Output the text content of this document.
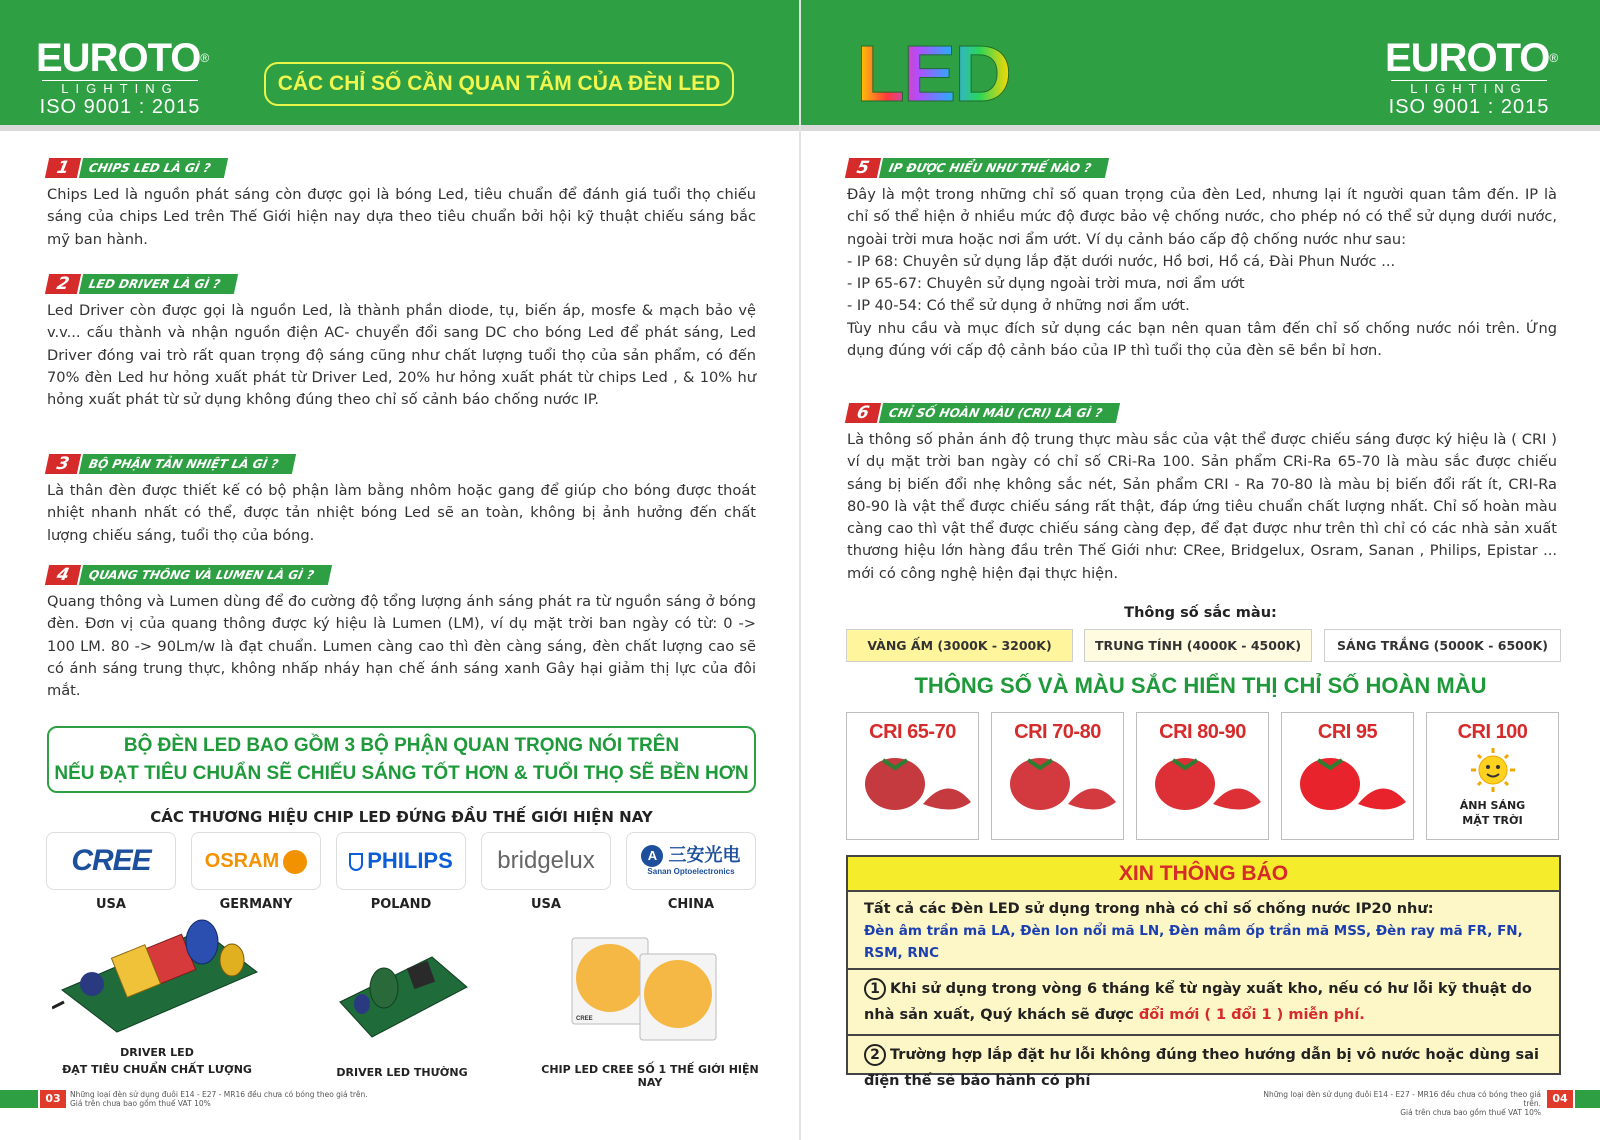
EUROTO®
LIGHTING
ISO 9001 : 2015
CÁC CHỈ SỐ CẦN QUAN TÂM CỦA ĐÈN LED
1	CHIPS LED LÀ GÌ ?

Chips Led là nguồn phát sáng còn được gọi là bóng Led, tiêu chuẩn để đánh giá tuổi thọ chiếu sáng của chips Led trên Thế Giới hiện nay dựa theo tiêu chuẩn bởi hội kỹ thuật chiếu sáng bắc mỹ ban hành.

2	LED DRIVER LÀ GÌ ?

Led Driver còn được gọi là nguồn Led, là thành phần diode, tụ, biến áp, mosfe & mạch bảo vệ v.v... cấu thành và nhận nguồn điện AC- chuyển đổi sang DC cho bóng Led để phát sáng, Led Driver đóng vai trò rất quan trọng độ sáng cũng như chất lượng tuổi thọ của sản phẩm, có đến 70% đèn Led hư hỏng xuất phát từ Driver Led, 20% hư hỏng xuất phát từ chips Led , & 10% hư hỏng xuất phát từ sử dụng không đúng theo chỉ số cảnh báo chống nước IP.

3	BỘ PHẬN TẢN NHIỆT LÀ GÌ ?

Là thân đèn được thiết kế có bộ phận làm bằng nhôm hoặc gang để giúp cho bóng được thoát nhiệt nhanh nhất có thể, được tản nhiệt bóng Led sẽ an toàn, không bị ảnh hưởng đến chất lượng chiếu sáng, tuổi thọ của bóng.

4	QUANG THÔNG VÀ LUMEN LÀ GÌ ?

Quang thông và Lumen dùng để đo cường độ tổng lượng ánh sáng phát ra từ nguồn sáng ở bóng đèn. Đơn vị của quang thông được ký hiệu là Lumen (LM), ví dụ mặt trời ban ngày có từ: 0 -> 100 LM. 80 -> 90Lm/w là đạt chuẩn. Lumen càng cao thì đèn càng sáng, đèn chất lượng cao sẽ có ánh sáng trung thực, không nhấp nháy hạn chế ánh sáng xanh Gây hại giảm thị lực của đôi mắt.

BỘ ĐÈN LED BAO GỒM 3 BỘ PHẬN QUAN TRỌNG NÓI TRÊN
NẾU ĐẠT TIÊU CHUẨN SẼ CHIẾU SÁNG TỐT HƠN & TUỔI THỌ SẼ BỀN HƠN
CÁC THƯƠNG HIỆU CHIP LED ĐỨNG ĐẦU THẾ GIỚI HIỆN NAY
CREE
USA
OSRAM
GERMANY
PHILIPS
POLAND
bridgelux
USA
A 三安光电
Sanan Optoelectronics
CHINA
DRIVER LED
ĐẠT TIÊU CHUẨN CHẤT LƯỢNG	DRIVER LED THƯỜNG
CREE
CHIP LED CREE SỐ 1 THẾ GIỚI HIỆN NAY
03	Những loại đèn sử dụng đuôi E14 - E27 - MR16 đều chưa có bóng theo giá trên.
Giá trên chưa bao gồm thuế VAT 10%
LED	EUROTO®
LIGHTING
ISO 9001 : 2015
5	IP ĐƯỢC HIỂU NHƯ THẾ NÀO ?

Đây là một trong những chỉ số quan trọng của đèn Led, nhưng lại ít người quan tâm đến. IP là chỉ số thể hiện ở nhiều mức độ được bảo vệ chống nước, cho phép nó có thể sử dụng dưới nước, ngoài trời mưa hoặc nơi ẩm ướt. Ví dụ cảnh báo cấp độ chống nước như sau:

- IP 68: Chuyên sử dụng lắp đặt dưới nước, Hồ bơi, Hồ cá, Đài Phun Nước ...

- IP 65-67: Chuyên sử dụng ngoài trời mưa, nơi ẩm ướt

- IP 40-54: Có thể sử dụng ở những nơi ẩm ướt.

Tùy nhu cầu và mục đích sử dụng các bạn nên quan tâm đến chỉ số chống nước nói trên. Ứng dụng đúng với cấp độ cảnh báo của IP thì tuổi thọ của đèn sẽ bền bỉ hơn.

6	CHỈ SỐ HOÀN MÀU (CRI) LÀ GÌ ?

Là thông số phản ánh độ trung thực màu sắc của vật thể được chiếu sáng được ký hiệu là ( CRI ) ví dụ mặt trời ban ngày có chỉ số CRi-Ra 100. Sản phẩm CRi-Ra 65-70 là màu sắc được chiếu sáng bị biến đổi nhẹ không sắc nét, Sản phẩm CRI - Ra 70-80 là màu bị biến đổi rất ít, CRI-Ra 80-90 là vật thể được chiếu sáng rất thật, đáp ứng tiêu chuẩn chất lượng nhất. Chỉ số hoàn màu càng cao thì vật thể được chiếu sáng càng đẹp, để đạt được như trên thì chỉ có các nhà sản xuất thương hiệu lớn hàng đầu trên Thế Giới như: CRee, Bridgelux, Osram, Sanan , Philips, Epistar ... mới có công nghệ hiện đại thực hiện.

Thông số sắc màu:
VÀNG ẤM (3000K - 3200K)	TRUNG TÍNH (4000K - 4500K)	SÁNG TRẮNG (5000K - 6500K)
THÔNG SỐ VÀ MÀU SẮC HIỂN THỊ CHỈ SỐ HOÀN MÀU
CRI 65-70	CRI 70-80	CRI 80-90	CRI 95	CRI 100
ÁNH SÁNG
MẶT TRỜI
XIN THÔNG BÁO
Tất cả các Đèn LED sử dụng trong nhà có chỉ số chống nước IP20 như:
Đèn âm trần mã LA, Đèn lon nổi mã LN, Đèn mâm ốp trần mã MSS, Đèn ray mã FR, FN, RSM, RNC
1 Khi sử dụng trong vòng 6 tháng kể từ ngày xuất kho, nếu có hư lỗi kỹ thuật do nhà sản xuất, Quý khách sẽ được đổi mới ( 1 đổi 1 ) miễn phí.
2 Trường hợp lắp đặt hư lỗi không đúng theo hướng dẫn bị vô nước hoặc dùng sai điện thế sẽ bảo hành có phí
Những loại đèn sử dụng đuôi E14 - E27 - MR16 đều chưa có bóng theo giá trên.
Giá trên chưa bao gồm thuế VAT 10%
04
